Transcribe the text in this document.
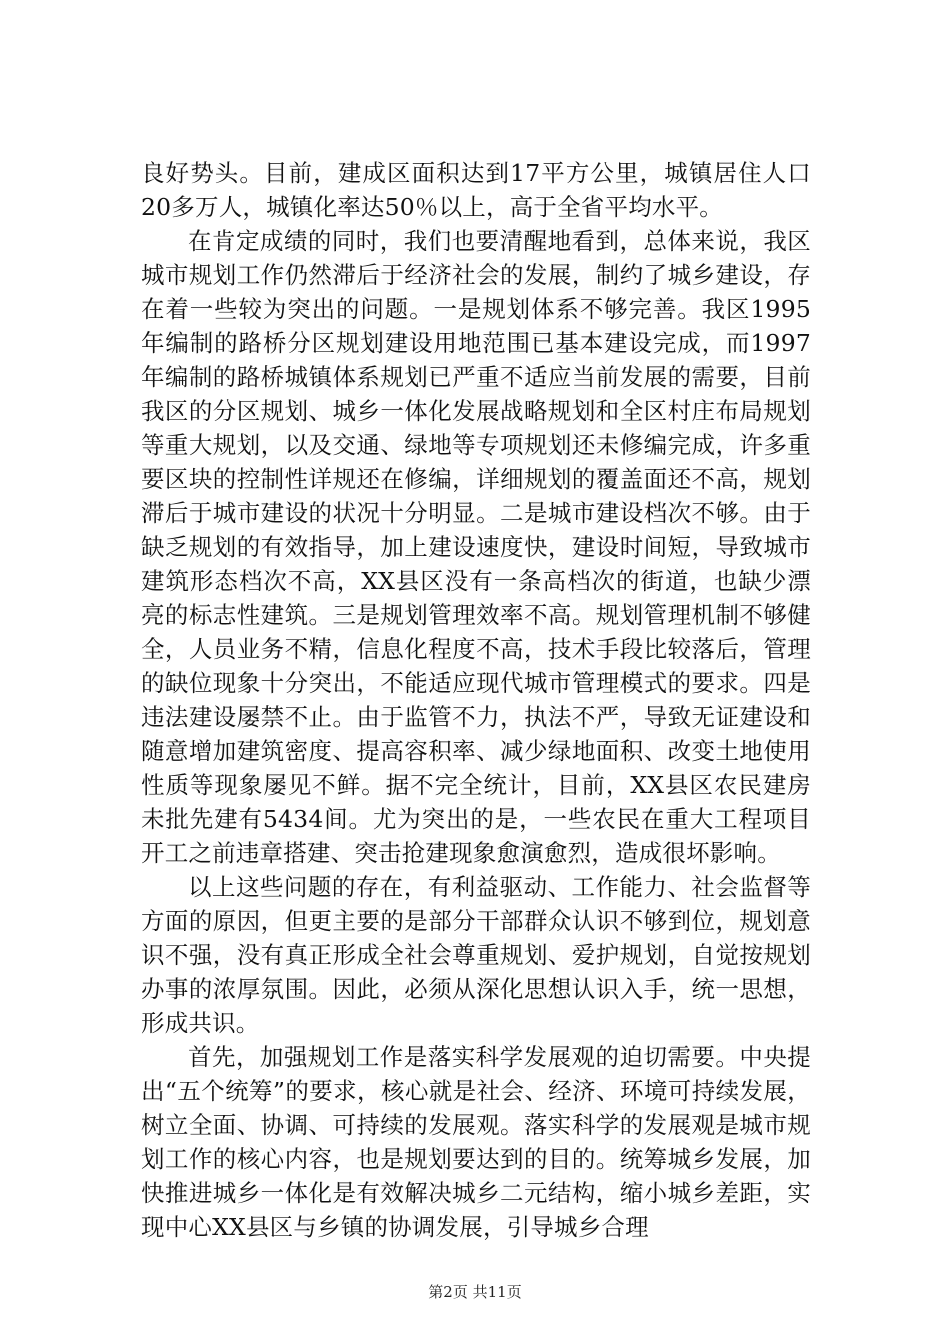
良好势头。目前，建成区面积达到17平方公里，城镇居住人口20多万人，城镇化率达50％以上，高于全省平均水平。

在肯定成绩的同时，我们也要清醒地看到，总体来说，我区城市规划工作仍然滞后于经济社会的发展，制约了城乡建设，存在着一些较为突出的问题。一是规划体系不够完善。我区1995年编制的路桥分区规划建设用地范围已基本建设完成，而1997年编制的路桥城镇体系规划已严重不适应当前发展的需要，目前我区的分区规划、城乡一体化发展战略规划和全区村庄布局规划等重大规划，以及交通、绿地等专项规划还未修编完成，许多重要区块的控制性详规还在修编，详细规划的覆盖面还不高，规划滞后于城市建设的状况十分明显。二是城市建设档次不够。由于缺乏规划的有效指导，加上建设速度快，建设时间短，导致城市建筑形态档次不高，XX县区没有一条高档次的街道，也缺少漂亮的标志性建筑。三是规划管理效率不高。规划管理机制不够健全，人员业务不精，信息化程度不高，技术手段比较落后，管理的缺位现象十分突出，不能适应现代城市管理模式的要求。四是违法建设屡禁不止。由于监管不力，执法不严，导致无证建设和随意增加建筑密度、提高容积率、减少绿地面积、改变土地使用性质等现象屡见不鲜。据不完全统计，目前，XX县区农民建房未批先建有5434间。尤为突出的是，一些农民在重大工程项目开工之前违章搭建、突击抢建现象愈演愈烈，造成很坏影响。

以上这些问题的存在，有利益驱动、工作能力、社会监督等方面的原因，但更主要的是部分干部群众认识不够到位，规划意识不强，没有真正形成全社会尊重规划、爱护规划，自觉按规划办事的浓厚氛围。因此，必须从深化思想认识入手，统一思想，形成共识。

首先，加强规划工作是落实科学发展观的迫切需要。中央提出“五个统筹”的要求，核心就是社会、经济、环境可持续发展，树立全面、协调、可持续的发展观。落实科学的发展观是城市规划工作的核心内容，也是规划要达到的目的。统筹城乡发展，加快推进城乡一体化是有效解决城乡二元结构，缩小城乡差距，实现中心XX县区与乡镇的协调发展，引导城乡合理

第2页 共11页
